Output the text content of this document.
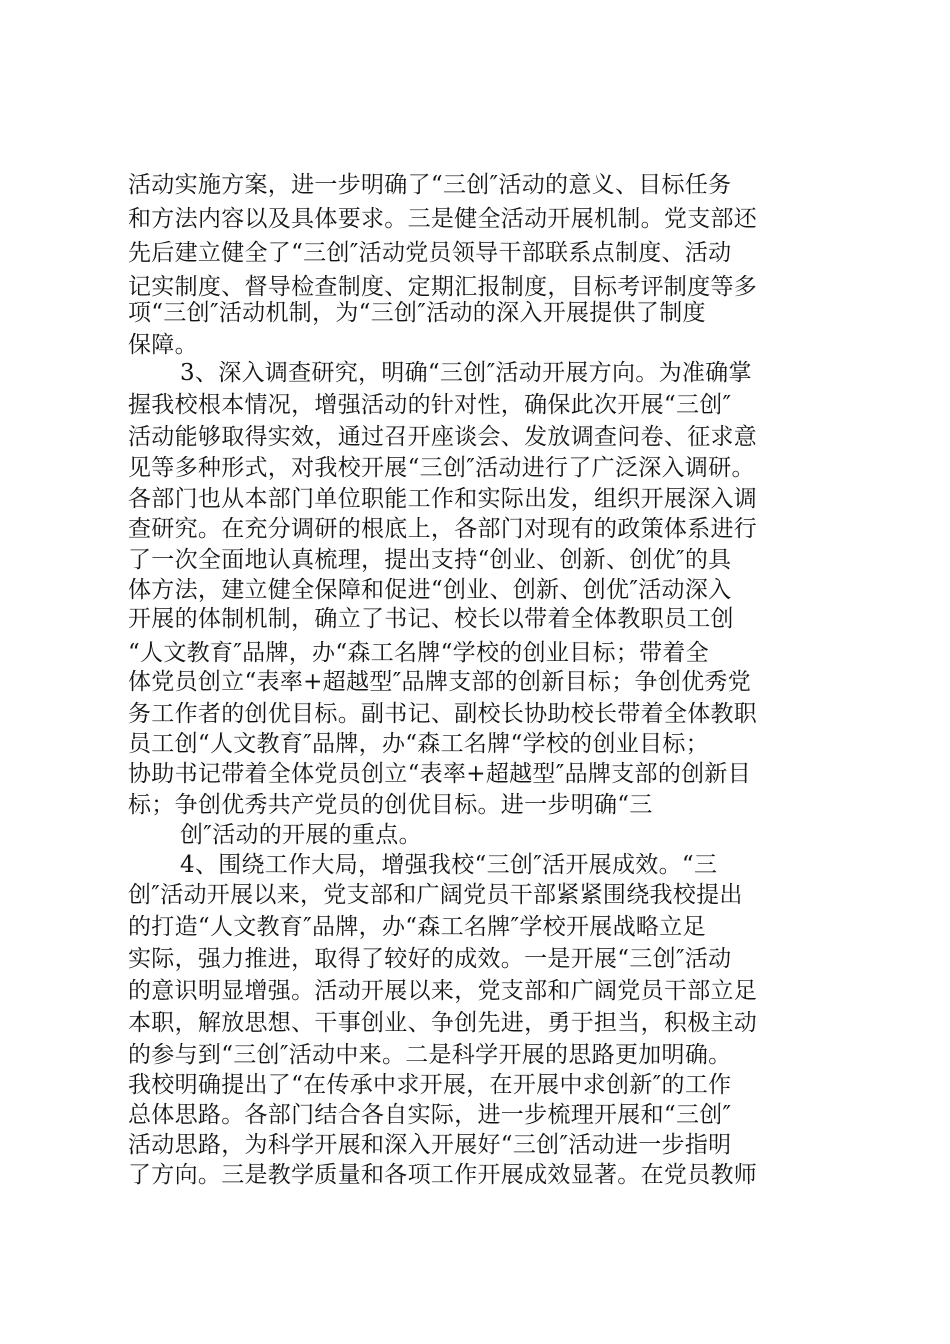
活动实施方案，进一步明确了“三创″活动的意义、目标任务
和方法内容以及具体要求。三是健全活动开展机制。党支部还
先后建立健全了“三创″活动党员领导干部联系点制度、活动
记实制度、督导检查制度、定期汇报制度，目标考评制度等多
项“三创″活动机制，为“三创″活动的深入开展提供了制度
保障。
3、深入调查研究，明确“三创″活动开展方向。为准确掌
握我校根本情况，增强活动的针对性，确保此次开展“三创″
活动能够取得实效，通过召开座谈会、发放调查问卷、征求意
见等多种形式，对我校开展“三创″活动进行了广泛深入调研。
各部门也从本部门单位职能工作和实际出发，组织开展深入调
查研究。在充分调研的根底上，各部门对现有的政策体系进行
了一次全面地认真梳理，提出支持“创业、创新、创优″的具
体方法，建立健全保障和促进“创业、创新、创优″活动深入
开展的体制机制，确立了书记、校长以带着全体教职员工创
“人文教育″品牌，办“森工名牌“学校的创业目标；带着全
体党员创立“表率+超越型″品牌支部的创新目标；争创优秀党
务工作者的创优目标。副书记、副校长协助校长带着全体教职
员工创“人文教育″品牌，办“森工名牌“学校的创业目标；
协助书记带着全体党员创立“表率+超越型″品牌支部的创新目
标；争创优秀共产党员的创优目标。进一步明确“三
创″活动的开展的重点。
4、围绕工作大局，增强我校“三创″活开展成效。“三
创″活动开展以来，党支部和广阔党员干部紧紧围绕我校提出
的打造“人文教育″品牌，办“森工名牌″学校开展战略立足
实际，强力推进，取得了较好的成效。一是开展“三创″活动
的意识明显增强。活动开展以来，党支部和广阔党员干部立足
本职，解放思想、干事创业、争创先进，勇于担当，积极主动
的参与到“三创″活动中来。二是科学开展的思路更加明确。
我校明确提出了“在传承中求开展，在开展中求创新″的工作
总体思路。各部门结合各自实际，进一步梳理开展和“三创″
活动思路，为科学开展和深入开展好“三创″活动进一步指明
了方向。三是教学质量和各项工作开展成效显著。在党员教师
